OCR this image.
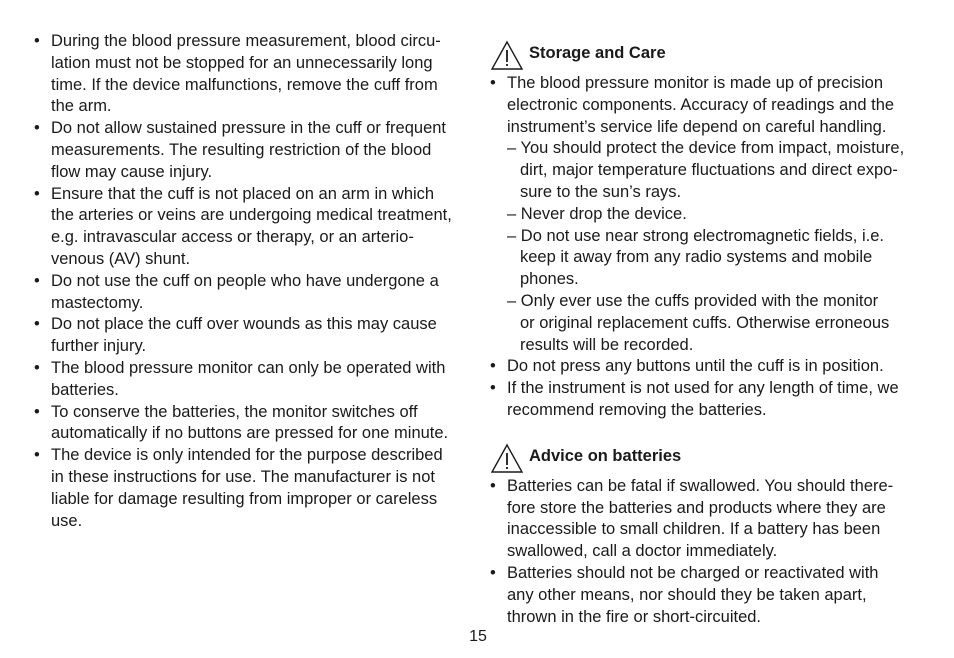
• During the blood pressure measurement, blood circu-
lation must not be stopped for an unnecessarily long
time. If the device malfunctions, remove the cuff from
the arm.
• Do not allow sustained pressure in the cuff or frequent
measurements. The resulting restriction of the blood
flow may cause injury.
• Ensure that the cuff is not placed on an arm in which
the arteries or veins are undergoing medical treatment,
e.g. intravascular access or therapy, or an arterio-
venous (AV) shunt.
• Do not use the cuff on people who have undergone a
mastectomy.
• Do not place the cuff over wounds as this may cause
further injury.
• The blood pressure monitor can only be operated with
batteries.
• To conserve the batteries, the monitor switches off
automatically if no buttons are pressed for one minute.
• The device is only intended for the purpose described
in these instructions for use. The manufacturer is not
liable for damage resulting from improper or careless
use.
Storage and Care
• The blood pressure monitor is made up of precision
electronic components. Accuracy of readings and the
instrument’s service life depend on careful handling.
– You should protect the device from impact, moisture,
dirt, major temperature fluctuations and direct expo-
sure to the sun’s rays.
– Never drop the device.
– Do not use near strong electromagnetic fields, i.e.
keep it away from any radio systems and mobile
phones.
– Only ever use the cuffs provided with the monitor
or original replacement cuffs. Otherwise erroneous
results will be recorded.
• Do not press any buttons until the cuff is in position.
• If the instrument is not used for any length of time, we
recommend removing the batteries.
Advice on batteries
• Batteries can be fatal if swallowed. You should there-
fore store the batteries and products where they are
inaccessible to small children. If a battery has been
swallowed, call a doctor immediately.
• Batteries should not be charged or reactivated with
any other means, nor should they be taken apart,
thrown in the fire or short-circuited.
15
